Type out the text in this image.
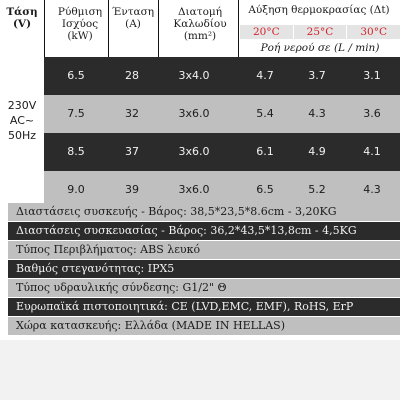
Τάση (V)
Ρύθμιση Ισχύος (kW)
Ένταση (A)
Διατομή Καλωδίου (mm²)
Αύξηση θερμοκρασίας (Δt)
20°C	25°C	30°C
Ροή νερού σε (L / min)
230V AC~ 50Hz
6.5	28	3x4.0	4.7	3.7	3.1
7.5	32	3x6.0	5.4	4.3	3.6
8.5	37	3x6.0	6.1	4.9	4.1
9.0	39	3x6.0	6.5	5.2	4.3
Διαστάσεις συσκευής - Βάρος: 38,5*23,5*8.6cm - 3,20KG
Διαστάσεις συσκευασίας - Βάρος: 36,2*43,5*13,8cm - 4,5KG
Τύπος Περιβλήματος: ABS λευκό
Βαθμός στεγανότητας: IPX5
Τύπος υδραυλικής σύνδεσης: G1/2" Θ
Ευρωπαϊκά πιστοποιητικά: CE (LVD,EMC, EMF), RoHS, ErP
Χώρα κατασκευής: Ελλάδα (MADE IN HELLAS)
